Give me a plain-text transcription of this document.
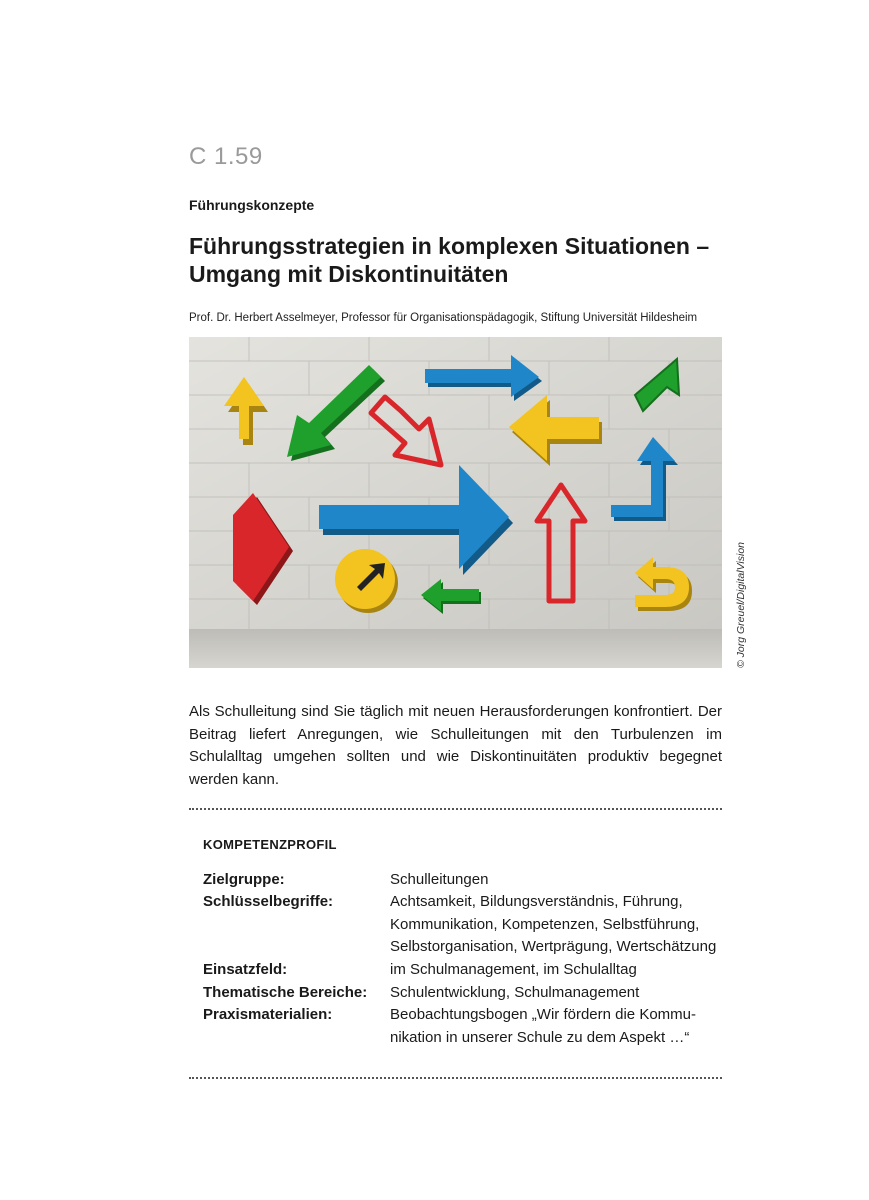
C 1.59
Führungskonzepte
Führungsstrategien in komplexen Situationen –
Umgang mit Diskontinuitäten
Prof. Dr. Herbert Asselmeyer, Professor für Organisationspädagogik, Stiftung Universität Hildesheim
© Jorg Greuel/DigitalVision

Als Schulleitung sind Sie täglich mit neuen Herausforderungen konfrontiert. Der Beitrag liefert Anregungen, wie Schulleitungen mit den Turbulenzen im Schulalltag umgehen sollten und wie Diskontinuitäten produktiv begegnet werden kann.

KOMPETENZPROFIL
Zielgruppe:	Schulleitungen
Schlüsselbegriffe:	Achtsamkeit, Bildungsverständnis, Führung,
Kommunikation, Kompetenzen, Selbstführung,
Selbstorganisation, Wertprägung, Wertschätzung
Einsatzfeld:	im Schulmanagement, im Schulalltag
Thematische Bereiche: Schulentwicklung, Schulmanagement
Praxismaterialien:	Beobachtungsbogen „Wir fördern die Kommu-
nikation in unserer Schule zu dem Aspekt …“
